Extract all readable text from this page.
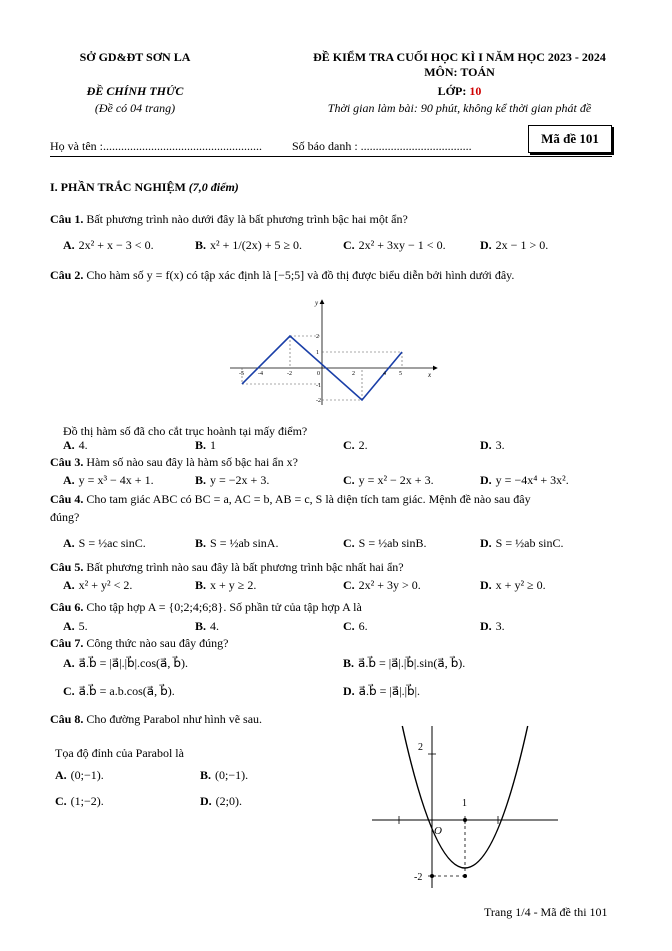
SỞ GD&ĐT SƠN LA	ĐỀ KIỂM TRA CUỐI HỌC KÌ I NĂM HỌC 2023 - 2024
MÔN: TOÁN
ĐỀ CHÍNH THỨC	LỚP: 10
(Đề có 04 trang)	Thời gian làm bài: 90 phút, không kể thời gian phát đề
Họ và tên :.....................................................	Số báo danh : .....................................	Mã đề 101
I. PHẦN TRẮC NGHIỆM (7,0 điểm)
Câu 1. Bất phương trình nào dưới đây là bất phương trình bậc hai một ẩn?
A. 2x² + x − 3 < 0.	B. x² + 1/(2x) + 5 ≥ 0.	C. 2x² + 3xy − 1 < 0.	D. 2x − 1 > 0.
Câu 2. Cho hàm số y = f(x) có tập xác định là [−5;5] và đồ thị được biểu diễn bởi hình dưới đây.
-5 -4	-2	0	2	4 5
2
1
-1
-2
x
y
Đồ thị hàm số đã cho cắt trục hoành tại mấy điểm?
A. 4.	B. 1	C. 2.	D. 3.
Câu 3. Hàm số nào sau đây là hàm số bậc hai ẩn x?
A. y = x³ − 4x + 1.	B. y = −2x + 3.	C. y = x² − 2x + 3.	D. y = −4x⁴ + 3x².
Câu 4. Cho tam giác ABC có BC = a, AC = b, AB = c, S là diện tích tam giác. Mệnh đề nào sau đây
đúng?
A. S = ½ac sinC.	B. S = ½ab sinA.	C. S = ½ab sinB.	D. S = ½ab sinC.
Câu 5. Bất phương trình nào sau đây là bất phương trình bậc nhất hai ẩn?
A. x² + y² < 2.	B. x + y ≥ 2.	C. 2x² + 3y > 0.	D. x + y² ≥ 0.
Câu 6. Cho tập hợp A = {0;2;4;6;8}. Số phần tử của tập hợp A là
A. 5.	B. 4.	C. 6.	D. 3.
Câu 7. Công thức nào sau đây đúng?
A. a⃗.b⃗ = |a⃗|.|b⃗|.cos(a⃗, b⃗).	B. a⃗.b⃗ = |a⃗|.|b⃗|.sin(a⃗, b⃗).
C. a⃗.b⃗ = a.b.cos(a⃗, b⃗).	D. a⃗.b⃗ = |a⃗|.|b⃗|.
Câu 8. Cho đường Parabol như hình vẽ sau.
Tọa độ đỉnh của Parabol là
A. (0;−1).	B. (0;−1).
C. (1;−2).	D. (2;0).
2
-2
1
O
Trang 1/4 - Mã đề thi 101
